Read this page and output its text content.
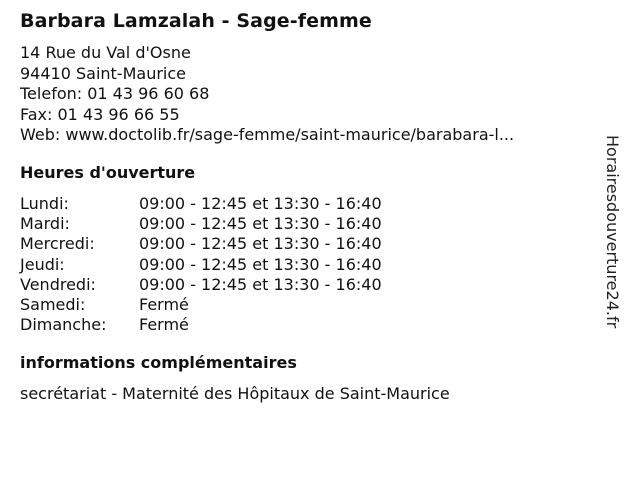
Barbara Lamzalah - Sage-femme
14 Rue du Val d'Osne
94410 Saint-Maurice
Telefon: 01 43 96 60 68
Fax: 01 43 96 66 55
Web: www.doctolib.fr/sage-femme/saint-maurice/barabara-l...
Heures d'ouverture
Lundi:	09:00 - 12:45 et 13:30 - 16:40
Mardi:	09:00 - 12:45 et 13:30 - 16:40
Mercredi:	09:00 - 12:45 et 13:30 - 16:40
Jeudi:	09:00 - 12:45 et 13:30 - 16:40
Vendredi:	09:00 - 12:45 et 13:30 - 16:40
Samedi:	Fermé
Dimanche:	Fermé
informations complémentaires
secrétariat - Maternité des Hôpitaux de Saint-Maurice
Horairesdouverture24.fr
